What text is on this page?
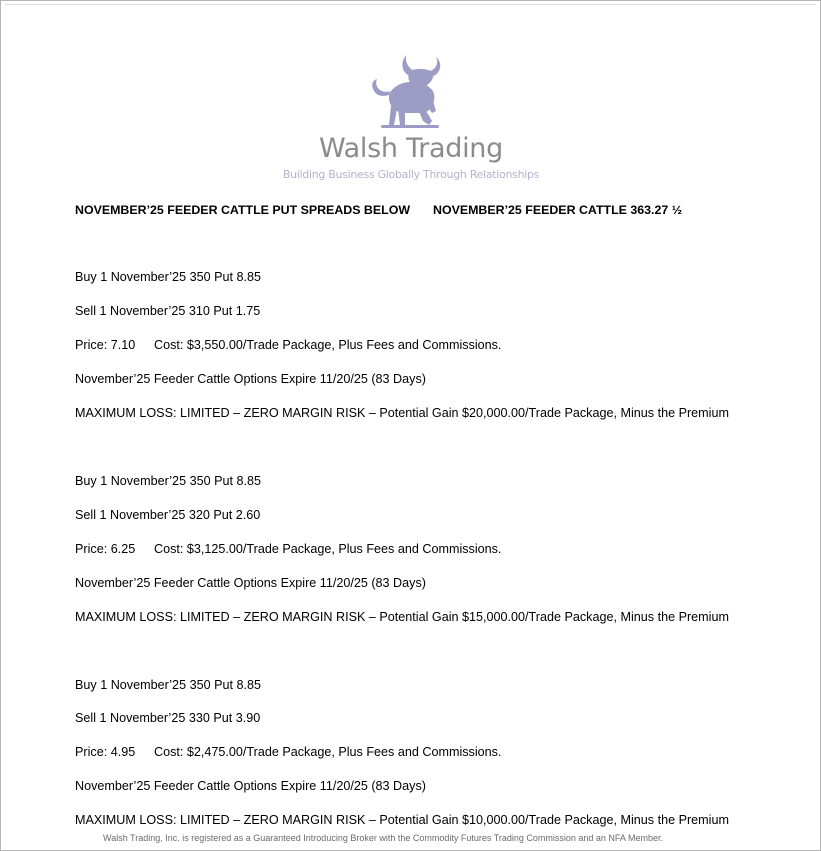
Walsh Trading
Building Business Globally Through Relationships
NOVEMBER’25 FEEDER CATTLE PUT SPREADS BELOW NOVEMBER’25 FEEDER CATTLE 363.27 ½
Buy 1 November’25 350 Put 8.85
Sell 1 November’25 310 Put 1.75
Price: 7.10 Cost: $3,550.00/Trade Package, Plus Fees and Commissions.
November’25 Feeder Cattle Options Expire 11/20/25 (83 Days)
MAXIMUM LOSS: LIMITED – ZERO MARGIN RISK – Potential Gain $20,000.00/Trade Package, Minus the Premium
Buy 1 November’25 350 Put 8.85
Sell 1 November’25 320 Put 2.60
Price: 6.25 Cost: $3,125.00/Trade Package, Plus Fees and Commissions.
November’25 Feeder Cattle Options Expire 11/20/25 (83 Days)
MAXIMUM LOSS: LIMITED – ZERO MARGIN RISK – Potential Gain $15,000.00/Trade Package, Minus the Premium
Buy 1 November’25 350 Put 8.85
Sell 1 November’25 330 Put 3.90
Price: 4.95 Cost: $2,475.00/Trade Package, Plus Fees and Commissions.
November’25 Feeder Cattle Options Expire 11/20/25 (83 Days)
MAXIMUM LOSS: LIMITED – ZERO MARGIN RISK – Potential Gain $10,000.00/Trade Package, Minus the Premium
Walsh Trading, Inc. is registered as a Guaranteed Introducing Broker with the Commodity Futures Trading Commission and an NFA Member.
